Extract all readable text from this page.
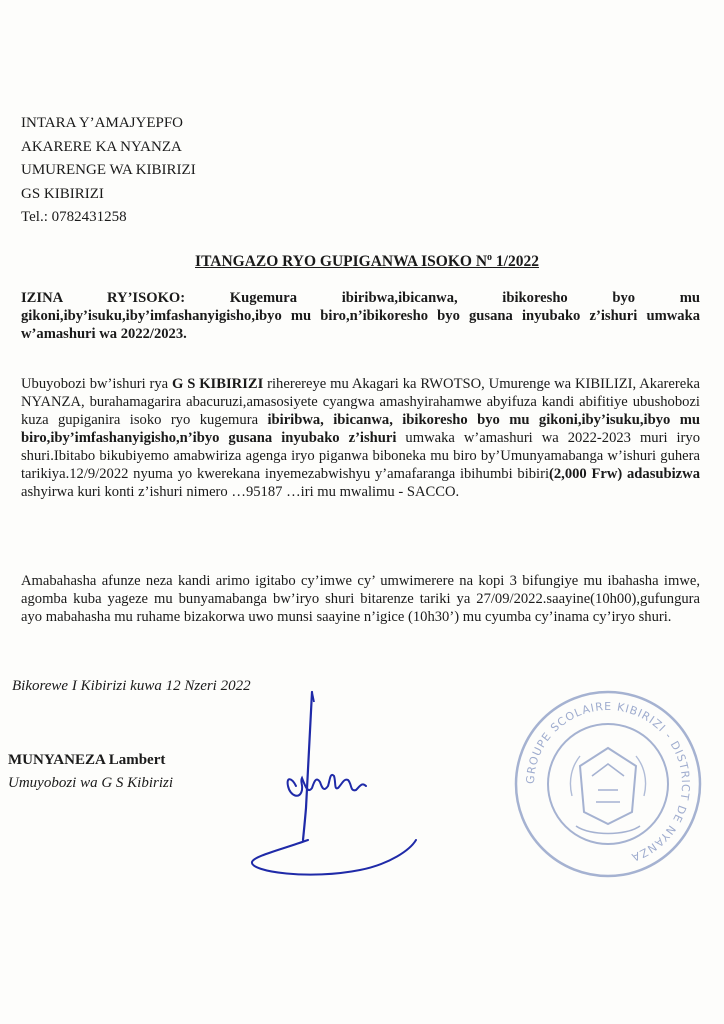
INTARA Y’AMAJYEPFO
AKARERE KA NYANZA
UMURENGE WA KIBIRIZI
GS KIBIRIZI
Tel.: 0782431258
ITANGAZO RYO GUPIGANWA ISOKO $N^o$ 1/2022
IZINA RY’ISOKO: Kugemura ibiribwa,ibicanwa, ibikoresho byo mu gikoni,iby’isuku,iby’imfashanyigisho,ibyo mu biro,n’ibikoresho byo gusana inyubako z’ishuri umwaka w’amashuri wa 2022/2023.
Ubuyobozi bw’ishuri rya G S KIBIRIZI riherereye mu Akagari ka RWOTSO, Umurenge wa KIBILIZI, Akarereka NYANZA, burahamagarira abacuruzi,amasosiyete cyangwa amashyirahamwe abyifuza kandi abifitiye ubushobozi kuza gupiganira isoko ryo kugemura ibiribwa, ibicanwa, ibikoresho byo mu gikoni,iby’isuku,ibyo mu biro,iby’imfashanyigisho,n’ibyo gusana inyubako z’ishuri umwaka w’amashuri wa 2022-2023 muri iryo shuri.Ibitabo bikubiyemo amabwiriza agenga iryo piganwa biboneka mu biro by’Umunyamabanga w’ishuri guhera tarikiya.12/9/2022 nyuma yo kwerekana inyemezabwishyu y’amafaranga ibihumbi bibiri(2,000 Frw) adasubizwa ashyirwa kuri konti z’ishuri nimero …95187 …iri mu mwalimu - SACCO.
Amabahasha afunze neza kandi arimo igitabo cy’imwe cy’ umwimerere na kopi 3 bifungiye mu ibahasha imwe, agomba kuba yageze mu bunyamabanga bw’iryo shuri bitarenze tariki ya 27/09/2022.saayine(10h00),gufungura ayo mabahasha mu ruhame bizakorwa uwo munsi saayine n’igice (10h30’) mu cyumba cy’inama cy’iryo shuri.
Bikorewe I Kibirizi kuwa 12 Nzeri 2022
GROUPE SCOLAIRE KIBIRIZI - DISTRICT DE NYANZA
MUNYANEZA Lambert
Umuyobozi wa G S Kibirizi
